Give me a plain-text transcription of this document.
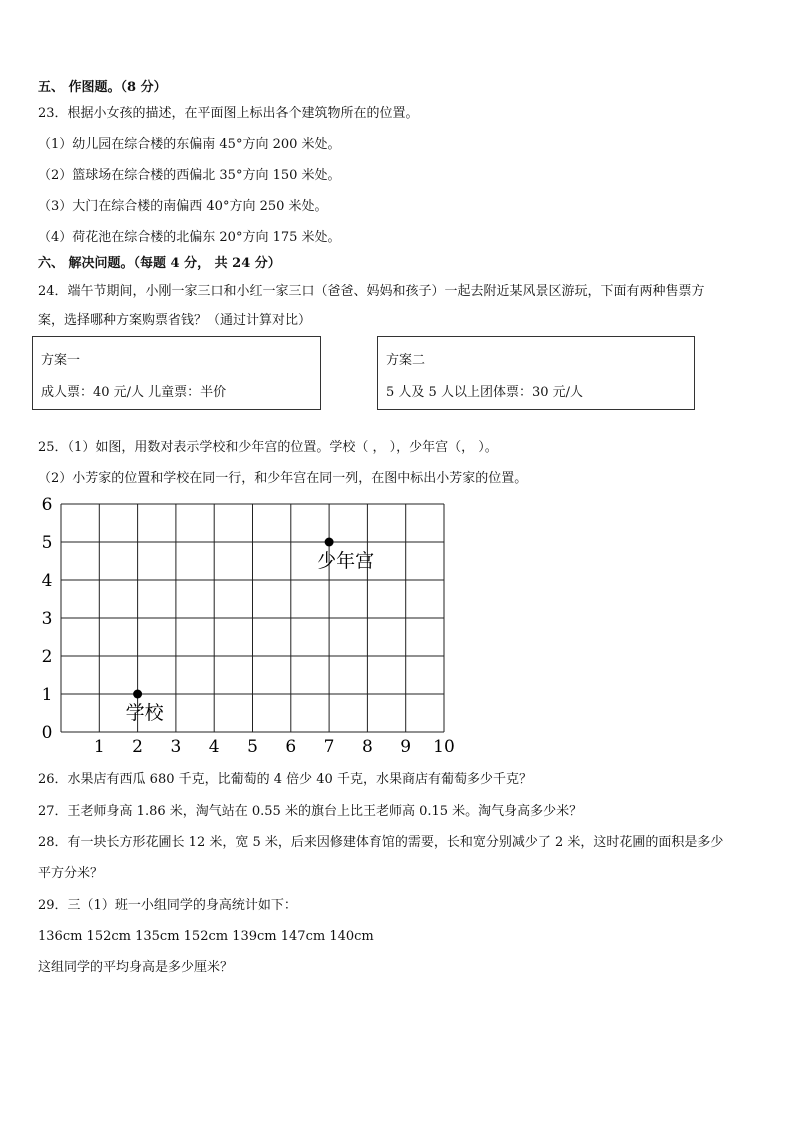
五、 作图题。（8 分）
23．根据小女孩的描述，在平面图上标出各个建筑物所在的位置。
（1）幼儿园在综合楼的东偏南 45°方向 200 米处。
（2）篮球场在综合楼的西偏北 35°方向 150 米处。
（3）大门在综合楼的南偏西 40°方向 250 米处。
（4）荷花池在综合楼的北偏东 20°方向 175 米处。
六、 解决问题。（每题 4 分， 共 24 分）
24．端午节期间，小刚一家三口和小红一家三口（爸爸、妈妈和孩子）一起去附近某风景区游玩，下面有两种售票方
案，选择哪种方案购票省钱？（通过计算对比）
方案一
成人票：40 元/人 儿童票：半价
方案二
5 人及 5 人以上团体票：30 元/人
25．（1）如图，用数对表示学校和少年宫的位置。学校（ ， ），少年宫（， ）。
（2）小芳家的位置和学校在同一行，和少年宫在同一列，在图中标出小芳家的位置。
1 2 3 4 5 6 7 8 9 10
0
1
2
3
4
5
6
少年宫
学校
26．水果店有西瓜 680 千克，比葡萄的 4 倍少 40 千克，水果商店有葡萄多少千克？
27．王老师身高 1.86 米，淘气站在 0.55 米的旗台上比王老师高 0.15 米。淘气身高多少米？
28．有一块长方形花圃长 12 米，宽 5 米，后来因修建体育馆的需要，长和宽分别减少了 2 米，这时花圃的面积是多少
平方分米？
29．三（1）班一小组同学的身高统计如下：
136cm 152cm 135cm 152cm 139cm 147cm 140cm
这组同学的平均身高是多少厘米？
